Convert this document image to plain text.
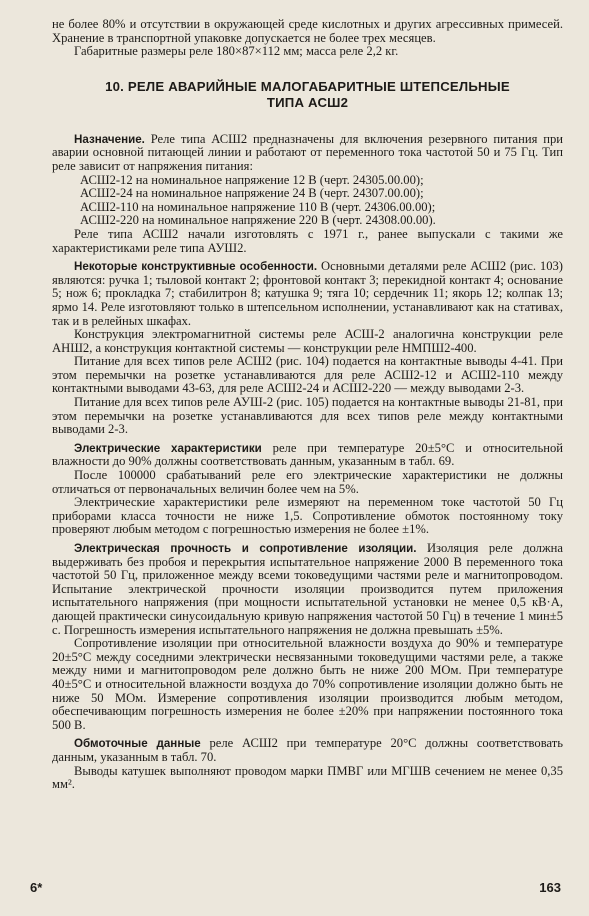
не более 80% и отсутствии в окружающей среде кислотных и других агрессивных примесей. Хранение в транспортной упаковке допускается не более трех месяцев.

Габаритные размеры реле 180×87×112 мм; масса реле 2,2 кг.

10. РЕЛЕ АВАРИЙНЫЕ МАЛОГАБАРИТНЫЕ ШТЕПСЕЛЬНЫЕ
ТИПА АСШ2

Назначение. Реле типа АСШ2 предназначены для включения резервного питания при аварии основной питающей линии и работают от переменного тока частотой 50 и 75 Гц. Тип реле зависит от напряжения питания:

АСШ2-12 на номинальное напряжение 12 В (черт. 24305.00.00);
АСШ2-24 на номинальное напряжение 24 В (черт. 24307.00.00);
АСШ2-110 на номинальное напряжение 110 В (черт. 24306.00.00);
АСШ2-220 на номинальное напряжение 220 В (черт. 24308.00.00).

Реле типа АСШ2 начали изготовлять с 1971 г., ранее выпускали с такими же характеристиками реле типа АУШ2.

Некоторые конструктивные особенности. Основными деталями реле АСШ2 (рис. 103) являются: ручка 1; тыловой контакт 2; фронтовой контакт 3; перекидной контакт 4; основание 5; нож 6; прокладка 7; стабилитрон 8; катушка 9; тяга 10; сердечник 11; якорь 12; колпак 13; ярмо 14. Реле изготовляют только в штепсельном исполнении, устанавливают как на стативах, так и в релейных шкафах.

Конструкция электромагнитной системы реле АСШ-2 аналогична конструкции реле АНШ2, а конструкция контактной системы — конструкции реле НМПШ2-400.

Питание для всех типов реле АСШ2 (рис. 104) подается на контактные выводы 4-41. При этом перемычки на розетке устанавливаются для реле АСШ2-12 и АСШ2-110 между контактными выводами 43-63, для реле АСШ2-24 и АСШ2-220 — между выводами 2-3.

Питание для всех типов реле АУШ-2 (рис. 105) подается на контактные выводы 21-81, при этом перемычки на розетке устанавливаются для всех типов реле между контактными выводами 2-3.

Электрические характеристики реле при температуре 20±5°C и относительной влажности до 90% должны соответствовать данным, указанным в табл. 69.

После 100000 срабатываний реле его электрические характеристики не должны отличаться от первоначальных величин более чем на 5%.

Электрические характеристики реле измеряют на переменном токе частотой 50 Гц приборами класса точности не ниже 1,5. Сопротивление обмоток постоянному току проверяют любым методом с погрешностью измерения не более ±1%.

Электрическая прочность и сопротивление изоляции. Изоляция реле должна выдерживать без пробоя и перекрытия испытательное напряжение 2000 В переменного тока частотой 50 Гц, приложенное между всеми токоведущими частями реле и магнитопроводом. Испытание электрической прочности изоляции производится путем приложения испытательного напряжения (при мощности испытательной установки не менее 0,5 кВ·А, дающей практически синусоидальную кривую напряжения частотой 50 Гц) в течение 1 мин±5 с. Погрешность измерения испытательного напряжения не должна превышать ±5%.

Сопротивление изоляции при относительной влажности воздуха до 90% и температуре 20±5°C между соседними электрически несвязанными токоведущими частями реле, а также между ними и магнитопроводом реле должно быть не ниже 200 МОм. При температуре 40±5°C и относительной влажности воздуха до 70% сопротивление изоляции должно быть не ниже 50 МОм. Измерение сопротивления изоляции производится любым методом, обеспечивающим погрешность измерения не более ±20% при напряжении постоянного тока 500 В.

Обмоточные данные реле АСШ2 при температуре 20°C должны соответствовать данным, указанным в табл. 70.

Выводы катушек выполняют проводом марки ПМВГ или МГШВ сечением не менее 0,35 мм².

6*	163
